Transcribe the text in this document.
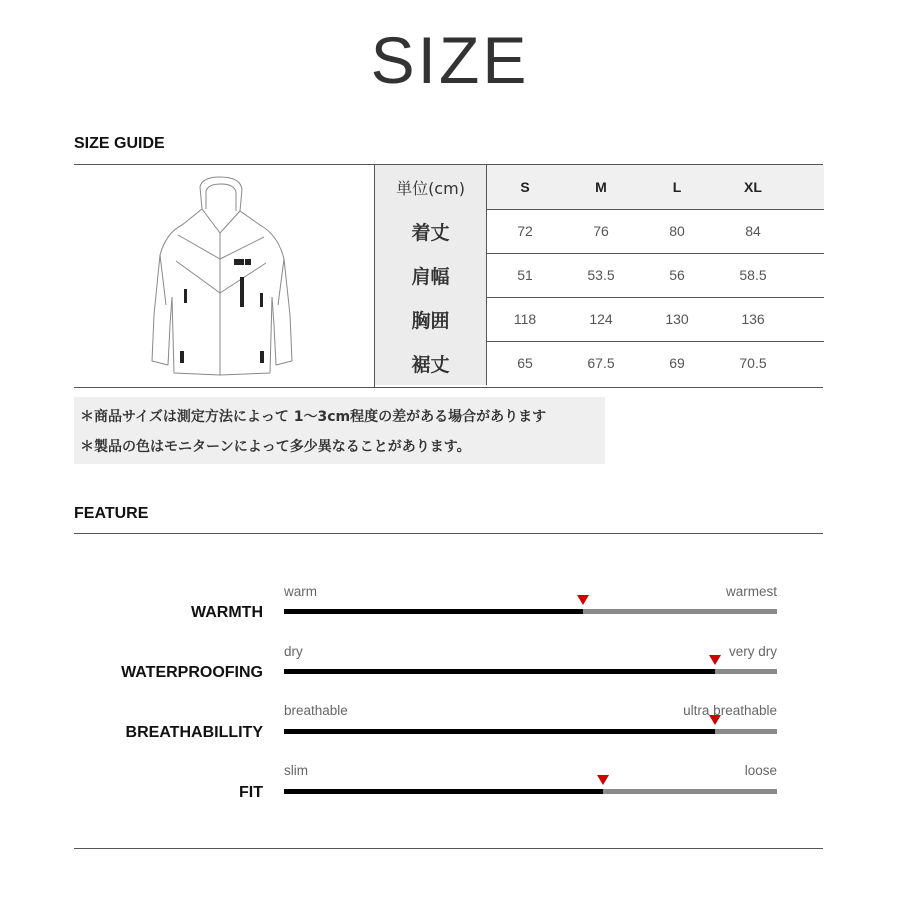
SIZE
SIZE GUIDE
単位(cm)	S	M	L	XL
着丈	72	76	80	84
肩幅	51	53.5	56	58.5
胸囲	118	124	130	136
裾丈	65	67.5	69	70.5
＊商品サイズは測定方法によって 1～3cm程度の差がある場合があります
＊製品の色はモニターンによって多少異なることがあります。
FEATURE
WARMTH
warm	warmest
WATERPROOFING
dry	very dry
BREATHABILLITY
breathable	ultra breathable
FIT
slim	loose
